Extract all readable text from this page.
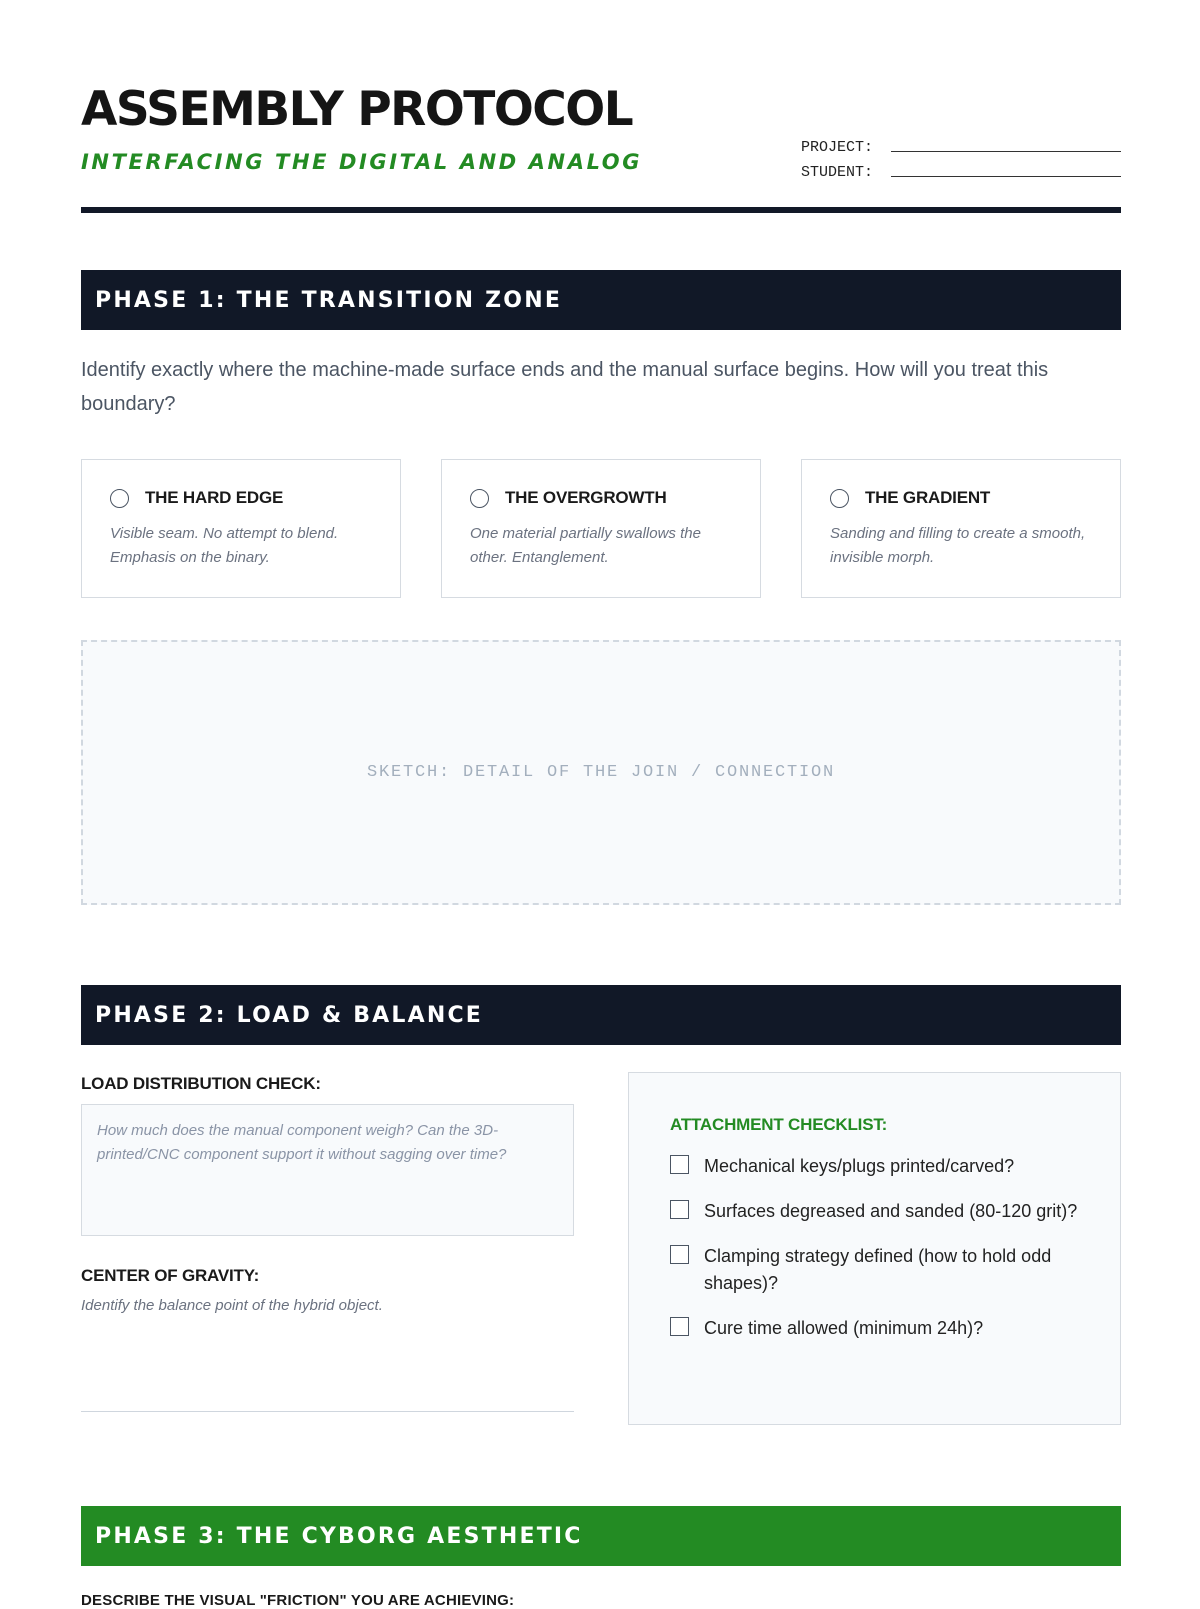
ASSEMBLY PROTOCOL
INTERFACING THE DIGITAL AND ANALOG
PROJECT:
STUDENT:
PHASE 1: THE TRANSITION ZONE
Identify exactly where the machine-made surface ends and the manual surface begins. How will you treat this boundary?
THE HARD EDGE
Visible seam. No attempt to blend. Emphasis on the binary.
THE OVERGROWTH
One material partially swallows the other. Entanglement.
THE GRADIENT
Sanding and filling to create a smooth, invisible morph.
SKETCH: DETAIL OF THE JOIN / CONNECTION
PHASE 2: LOAD & BALANCE
LOAD DISTRIBUTION CHECK:
How much does the manual component weigh? Can the 3D-printed/CNC component support it without sagging over time?
CENTER OF GRAVITY:
Identify the balance point of the hybrid object.
ATTACHMENT CHECKLIST:
Mechanical keys/plugs printed/carved?
Surfaces degreased and sanded (80-120 grit)?
Clamping strategy defined (how to hold odd shapes)?
Cure time allowed (minimum 24h)?
PHASE 3: THE CYBORG AESTHETIC
DESCRIBE THE VISUAL "FRICTION" YOU ARE ACHIEVING:
